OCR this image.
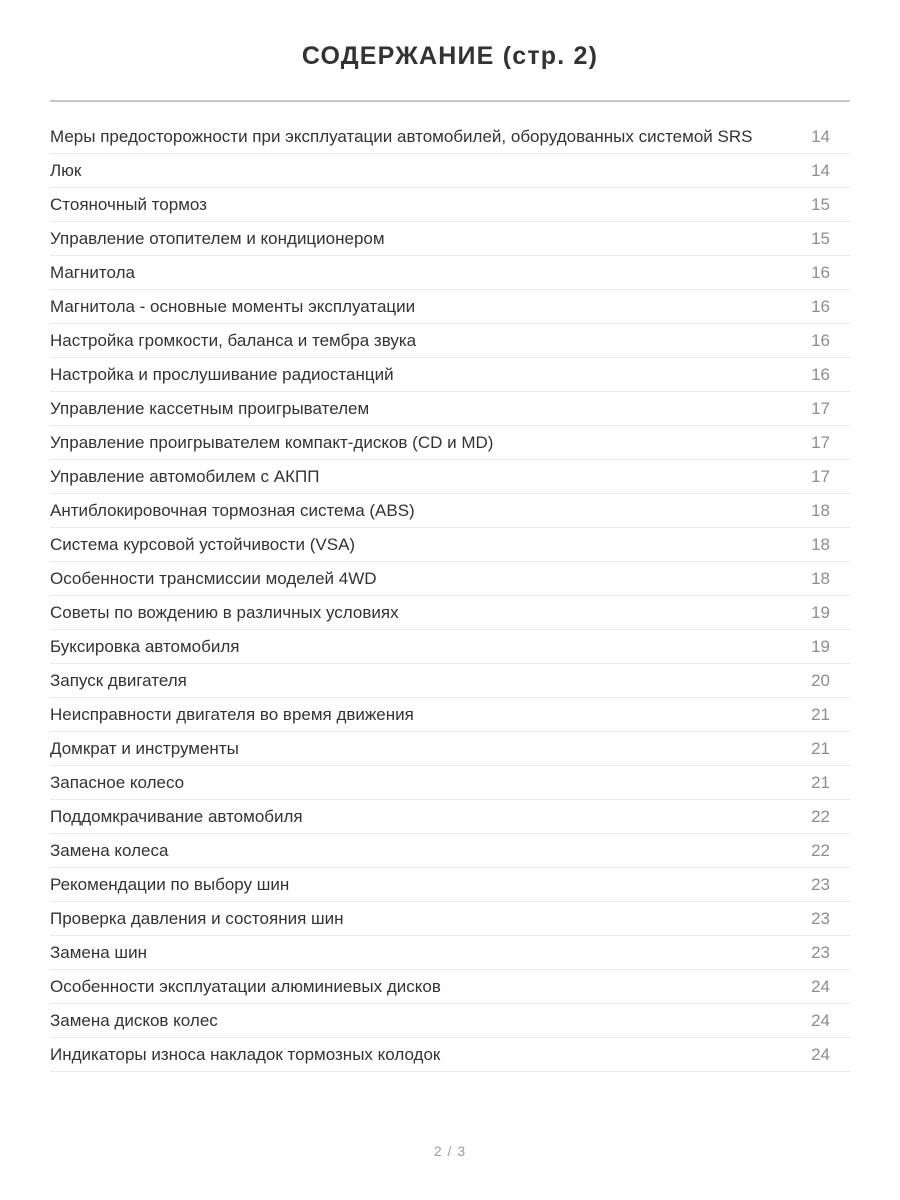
СОДЕРЖАНИЕ (стр. 2)
Меры предосторожности при эксплуатации автомобилей, оборудованных системой SRS	14
Люк	14
Стояночный тормоз	15
Управление отопителем и кондиционером	15
Магнитола	16
Магнитола - основные моменты эксплуатации	16
Настройка громкости, баланса и тембра звука	16
Настройка и прослушивание радиостанций	16
Управление кассетным проигрывателем	17
Управление проигрывателем компакт-дисков (CD и MD)	17
Управление автомобилем с АКПП	17
Антиблокировочная тормозная система (ABS)	18
Система курсовой устойчивости (VSA)	18
Особенности трансмиссии моделей 4WD	18
Советы по вождению в различных условиях	19
Буксировка автомобиля	19
Запуск двигателя	20
Неисправности двигателя во время движения	21
Домкрат и инструменты	21
Запасное колесо	21
Поддомкрачивание автомобиля	22
Замена колеса	22
Рекомендации по выбору шин	23
Проверка давления и состояния шин	23
Замена шин	23
Особенности эксплуатации алюминиевых дисков	24
Замена дисков колес	24
Индикаторы износа накладок тормозных колодок	24
2 / 3
